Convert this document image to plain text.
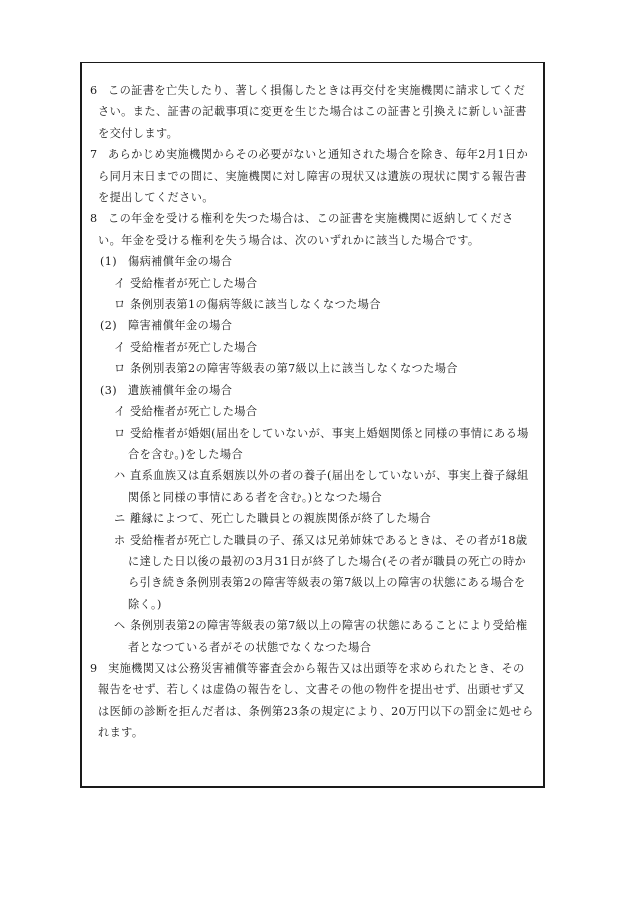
6 この証書を亡失したり、著しく損傷したときは再交付を実施機関に請求してください。また、証書の記載事項に変更を生じた場合はこの証書と引換えに新しい証書を交付します。

7 あらかじめ実施機関からその必要がないと通知された場合を除き、毎年2月1日から同月末日までの間に、実施機関に対し障害の現状又は遺族の現状に関する報告書を提出してください。

8 この年金を受ける権利を失つた場合は、この証書を実施機関に返納してください。年金を受ける権利を失う場合は、次のいずれかに該当した場合です。

(1) 傷病補償年金の場合

イ 受給権者が死亡した場合

ロ 条例別表第1の傷病等級に該当しなくなつた場合

(2) 障害補償年金の場合

イ 受給権者が死亡した場合

ロ 条例別表第2の障害等級表の第7級以上に該当しなくなつた場合

(3) 遺族補償年金の場合

イ 受給権者が死亡した場合

ロ 受給権者が婚姻(届出をしていないが、事実上婚姻関係と同様の事情にある場合を含む。)をした場合

ハ 直系血族又は直系姻族以外の者の養子(届出をしていないが、事実上養子縁組関係と同様の事情にある者を含む。)となつた場合

ニ 離縁によつて、死亡した職員との親族関係が終了した場合

ホ 受給権者が死亡した職員の子、孫又は兄弟姉妹であるときは、その者が18歳に達した日以後の最初の3月31日が終了した場合(その者が職員の死亡の時から引き続き条例別表第2の障害等級表の第7級以上の障害の状態にある場合を除く。)

ヘ 条例別表第2の障害等級表の第7級以上の障害の状態にあることにより受給権者となつている者がその状態でなくなつた場合

9 実施機関又は公務災害補償等審査会から報告又は出頭等を求められたとき、その報告をせず、若しくは虚偽の報告をし、文書その他の物件を提出せず、出頭せず又は医師の診断を拒んだ者は、条例第23条の規定により、20万円以下の罰金に処せられます。
